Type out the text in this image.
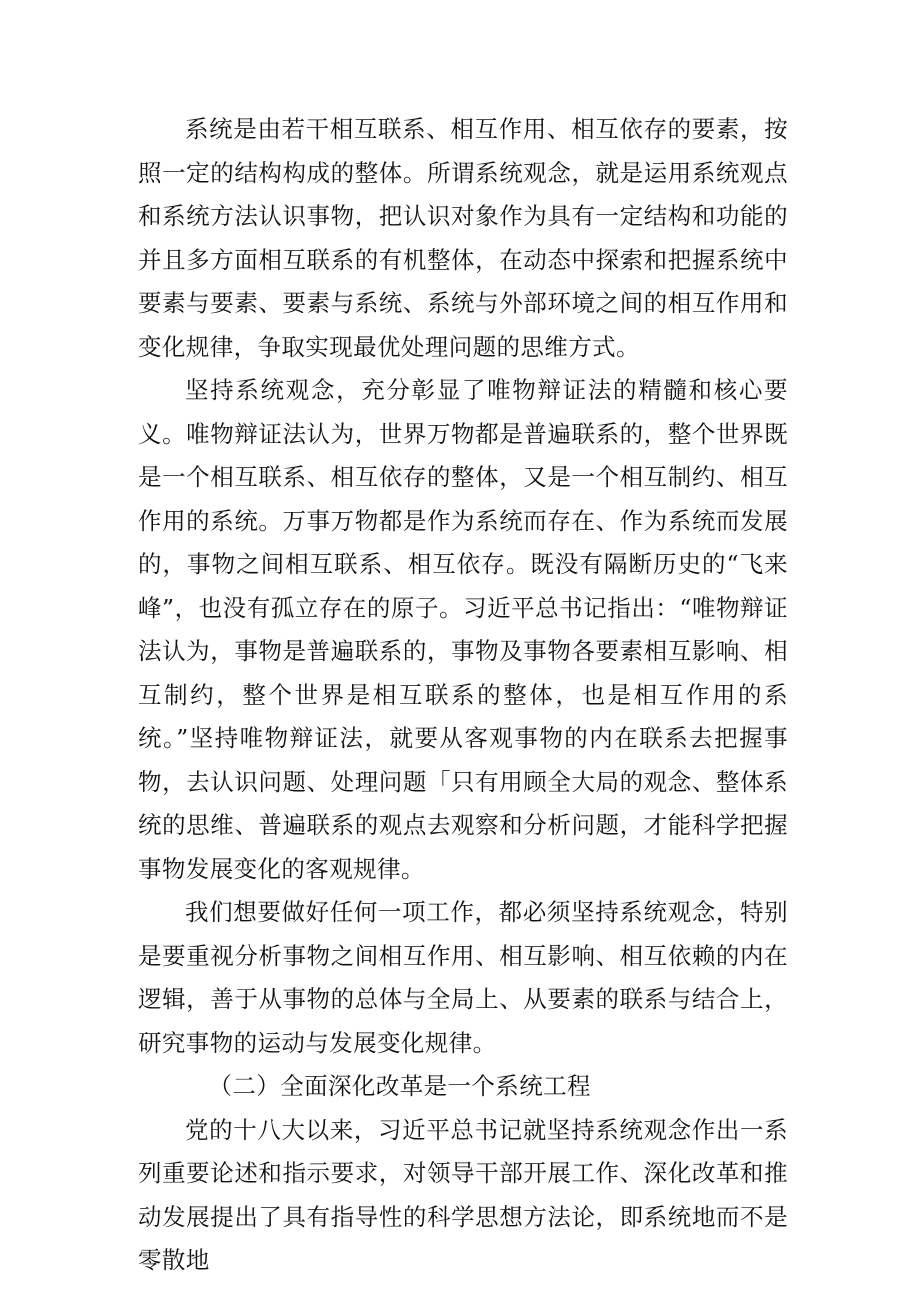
系统是由若干相互联系、相互作用、相互依存的要素，按照一定的结构构成的整体。所谓系统观念，就是运用系统观点和系统方法认识事物，把认识对象作为具有一定结构和功能的并且多方面相互联系的有机整体，在动态中探索和把握系统中要素与要素、要素与系统、系统与外部环境之间的相互作用和变化规律，争取实现最优处理问题的思维方式。

坚持系统观念，充分彰显了唯物辩证法的精髓和核心要义。唯物辩证法认为，世界万物都是普遍联系的，整个世界既是一个相互联系、相互依存的整体，又是一个相互制约、相互作用的系统。万事万物都是作为系统而存在、作为系统而发展的，事物之间相互联系、相互依存。既没有隔断历史的“飞来峰”，也没有孤立存在的原子。习近平总书记指出：“唯物辩证法认为，事物是普遍联系的，事物及事物各要素相互影响、相互制约，整个世界是相互联系的整体，也是相互作用的系统。”坚持唯物辩证法，就要从客观事物的内在联系去把握事物，去认识问题、处理问题「只有用顾全大局的观念、整体系统的思维、普遍联系的观点去观察和分析问题，才能科学把握事物发展变化的客观规律。

我们想要做好任何一项工作，都必须坚持系统观念，特别是要重视分析事物之间相互作用、相互影响、相互依赖的内在逻辑，善于从事物的总体与全局上、从要素的联系与结合上，研究事物的运动与发展变化规律。

（二）全面深化改革是一个系统工程

党的十八大以来，习近平总书记就坚持系统观念作出一系列重要论述和指示要求，对领导干部开展工作、深化改革和推动发展提出了具有指导性的科学思想方法论，即系统地而不是零散地
